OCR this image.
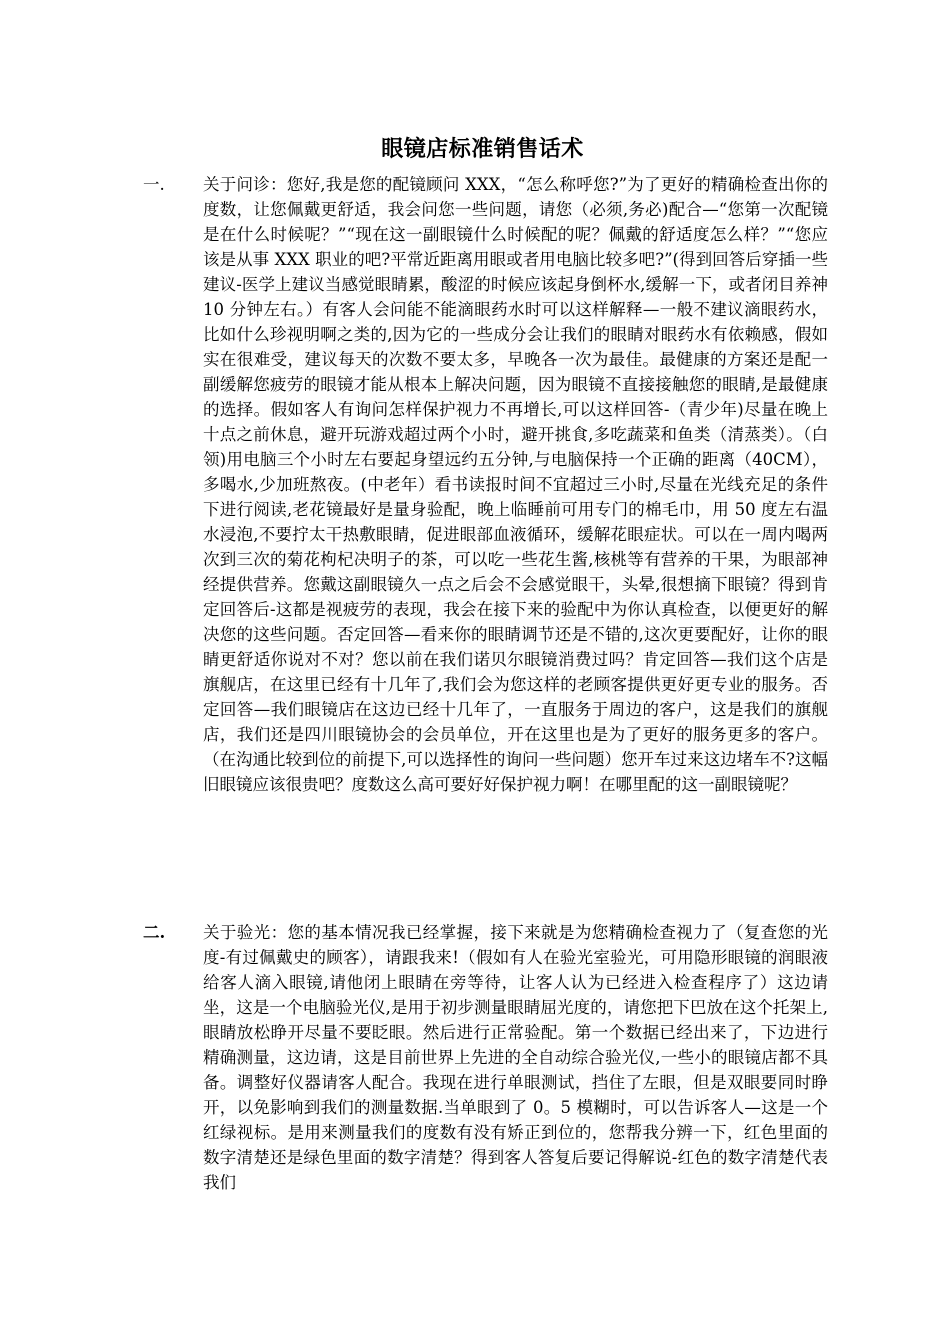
眼镜店标准销售话术
一. 关于问诊：您好,我是您的配镜顾问 XXX，“怎么称呼您?”为了更好的精确检查出你的度数，让您佩戴更舒适，我会问您一些问题，请您（必须,务必)配合—“您第一次配镜是在什么时候呢？”“现在这一副眼镜什么时候配的呢？佩戴的舒适度怎么样？”“您应该是从事 XXX 职业的吧?平常近距离用眼或者用电脑比较多吧?”(得到回答后穿插一些建议-医学上建议当感觉眼睛累，酸涩的时候应该起身倒杯水,缓解一下，或者闭目养神 10 分钟左右。）有客人会问能不能滴眼药水时可以这样解释—一般不建议滴眼药水，比如什么珍视明啊之类的,因为它的一些成分会让我们的眼睛对眼药水有依赖感，假如实在很难受，建议每天的次数不要太多，早晚各一次为最佳。最健康的方案还是配一副缓解您疲劳的眼镜才能从根本上解决问题，因为眼镜不直接接触您的眼睛,是最健康的选择。假如客人有询问怎样保护视力不再增长,可以这样回答-（青少年)尽量在晚上十点之前休息，避开玩游戏超过两个小时，避开挑食,多吃蔬菜和鱼类（清蒸类）。（白领)用电脑三个小时左右要起身望远约五分钟,与电脑保持一个正确的距离（40CM），多喝水,少加班熬夜。(中老年）看书读报时间不宜超过三小时,尽量在光线充足的条件下进行阅读,老花镜最好是量身验配，晚上临睡前可用专门的棉毛巾，用 50 度左右温水浸泡,不要拧太干热敷眼睛，促进眼部血液循环，缓解花眼症状。可以在一周内喝两次到三次的菊花枸杞决明子的茶，可以吃一些花生酱,核桃等有营养的干果，为眼部神经提供营养。您戴这副眼镜久一点之后会不会感觉眼干，头晕,很想摘下眼镜？得到肯定回答后-这都是视疲劳的表现，我会在接下来的验配中为你认真检查，以便更好的解决您的这些问题。否定回答—看来你的眼睛调节还是不错的,这次更要配好，让你的眼睛更舒适你说对不对？您以前在我们诺贝尔眼镜消费过吗？肯定回答—我们这个店是旗舰店，在这里已经有十几年了,我们会为您这样的老顾客提供更好更专业的服务。否定回答—我们眼镜店在这边已经十几年了，一直服务于周边的客户，这是我们的旗舰店，我们还是四川眼镜协会的会员单位，开在这里也是为了更好的服务更多的客户。（在沟通比较到位的前提下,可以选择性的询问一些问题）您开车过来这边堵车不?这幅旧眼镜应该很贵吧？度数这么高可要好好保护视力啊！在哪里配的这一副眼镜呢？

二. 关于验光：您的基本情况我已经掌握，接下来就是为您精确检查视力了（复查您的光度-有过佩戴史的顾客），请跟我来!（假如有人在验光室验光，可用隐形眼镜的润眼液给客人滴入眼镜,请他闭上眼睛在旁等待，让客人认为已经进入检查程序了）这边请坐，这是一个电脑验光仪,是用于初步测量眼睛屈光度的，请您把下巴放在这个托架上,眼睛放松睁开尽量不要眨眼。然后进行正常验配。第一个数据已经出来了，下边进行精确测量，这边请，这是目前世界上先进的全自动综合验光仪,一些小的眼镜店都不具备。调整好仪器请客人配合。我现在进行单眼测试，挡住了左眼，但是双眼要同时睁开，以免影响到我们的测量数据.当单眼到了 0。5 模糊时，可以告诉客人—这是一个红绿视标。是用来测量我们的度数有没有矫正到位的，您帮我分辨一下，红色里面的数字清楚还是绿色里面的数字清楚？得到客人答复后要记得解说-红色的数字清楚代表我们
